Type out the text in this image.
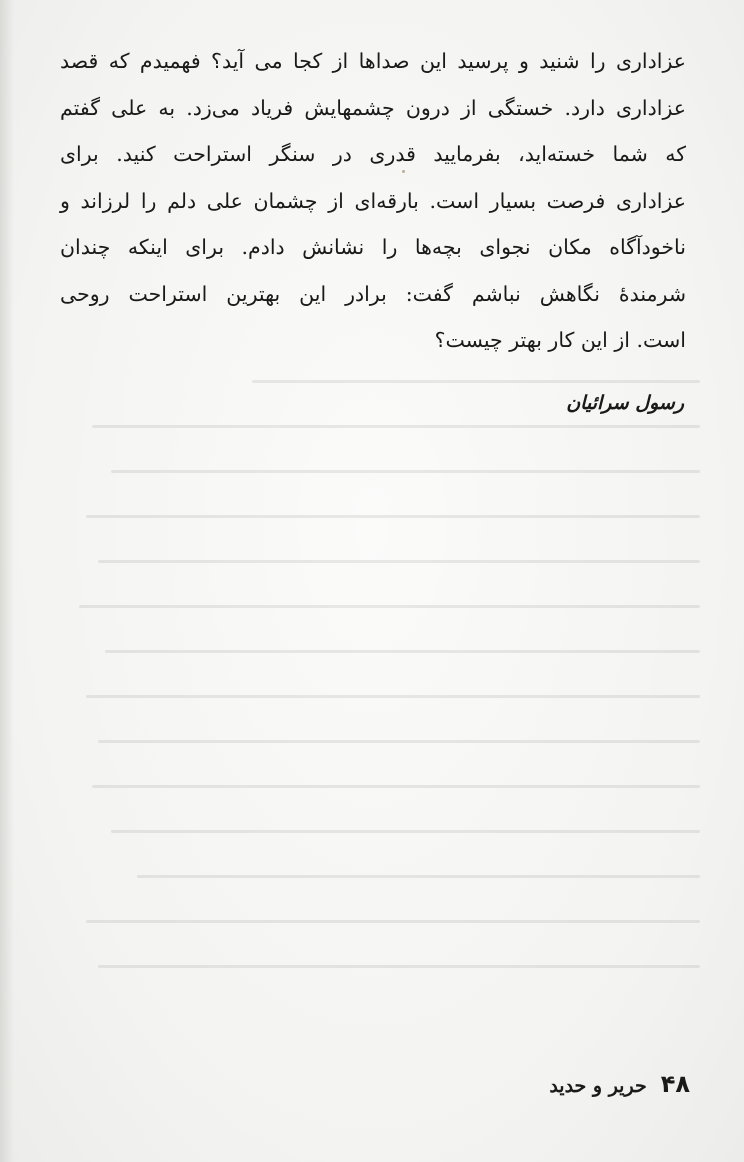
عزاداری را شنید و پرسید این صداها از کجا می آید؟ فهمیدم که قصد
عزاداری دارد. خستگی از درون چشمهایش فریاد می‌زد. به علی گفتم
که شما خسته‌اید، بفرمایید قدری در سنگر استراحت کنید. برای
عزاداری فرصت بسیار است. بارقه‌ای از چشمان علی دلم را لرزاند و
ناخودآگاه مکان نجوای بچه‌ها را نشانش دادم. برای اینکه چندان
شرمندهٔ نگاهش نباشم گفت: برادر این بهترین استراحت روحی
است. از این کار بهتر چیست؟
رسول سرائیان
۴۸
حریر و حدید
